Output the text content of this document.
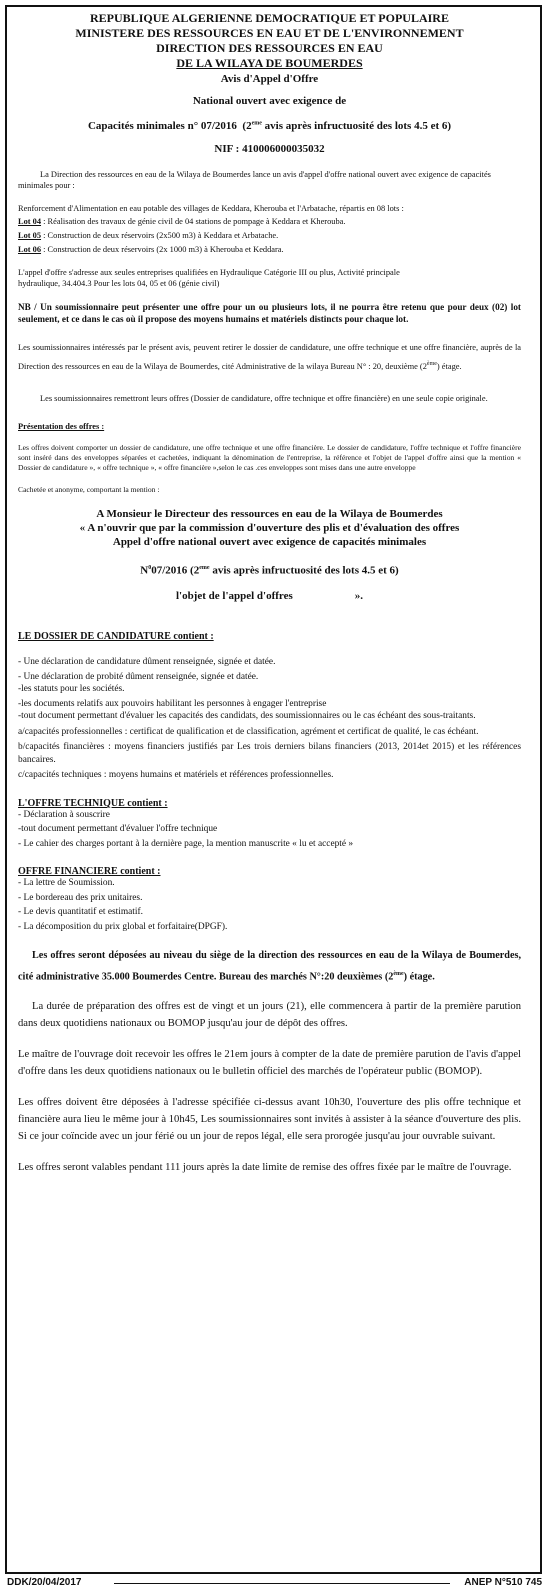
REPUBLIQUE ALGERIENNE DEMOCRATIQUE ET POPULAIRE
MINISTERE DES RESSOURCES EN EAU ET DE L'ENVIRONNEMENT
DIRECTION DES RESSOURCES EN EAU
DE LA WILAYA DE BOUMERDES
Avis d'Appel d'Offre
National ouvert avec exigence de
Capacités minimales n° 07/2016 (2eme avis après infructuosité des lots 4.5 et 6)
NIF : 410006000035032

La Direction des ressources en eau de la Wilaya de Boumerdes lance un avis d'appel d'offre national ouvert avec exigence de capacités minimales pour :

Renforcement d'Alimentation en eau potable des villages de Keddara, Kherouba et l'Arbatache, répartis en 08 lots :

Lot 04 : Réalisation des travaux de génie civil de 04 stations de pompage à Keddara et Kherouba.
Lot 05 : Construction de deux réservoirs (2x500 m3) à Keddara et Arbatache.
Lot 06 : Construction de deux réservoirs (2x 1000 m3) à Kherouba et Keddara.

L'appel d'offre s'adresse aux seules entreprises qualifiées en Hydraulique Catégorie III ou plus, Activité principale hydraulique, 34.404.3 Pour les lots 04, 05 et 06 (génie civil)

NB / Un soumissionnaire peut présenter une offre pour un ou plusieurs lots, il ne pourra être retenu que pour deux (02) lot seulement, et ce dans le cas où il propose des moyens humains et matériels distincts pour chaque lot.

Les soumissionnaires intéressés par le présent avis, peuvent retirer le dossier de candidature, une offre technique et une offre financière, auprès de la Direction des ressources en eau de la Wilaya de Boumerdes, cité Administrative de la wilaya Bureau N° : 20, deuxième (2ème) étage.

Les soumissionnaires remettront leurs offres (Dossier de candidature, offre technique et offre financière) en une seule copie originale.

Présentation des offres :

Les offres doivent comporter un dossier de candidature, une offre technique et une offre financière. Le dossier de candidature, l'offre technique et l'offre financière sont inséré dans des enveloppes séparées et cachetées, indiquant la dénomination de l'entreprise, la référence et l'objet de l'appel d'offre ainsi que la mention « Dossier de candidature », « offre technique », « offre financière »,selon le cas .ces enveloppes sont mises dans une autre enveloppe

Cachetée et anonyme, comportant la mention :

A Monsieur le Directeur des ressources en eau de la Wilaya de Boumerdes
« A n'ouvrir que par la commission d'ouverture des plis et d'évaluation des offres
Appel d'offre national ouvert avec exigence de capacités minimales
$N^007/2016$ (2eme avis après infructuosité des lots 4.5 et 6)
l'objet de l'appel d'offres	».
LE DOSSIER DE CANDIDATURE contient :
- Une déclaration de candidature dûment renseignée, signée et datée.
- Une déclaration de probité dûment renseignée, signée et datée.
-les statuts pour les sociétés.
-les documents relatifs aux pouvoirs habilitant les personnes à engager l'entreprise
-tout document permettant d'évaluer les capacités des candidats, des soumissionnaires ou le cas échéant des sous-traitants.
a/capacités professionnelles : certificat de qualification et de classification, agrément et certificat de qualité, le cas échéant.
b/capacités financières : moyens financiers justifiés par Les trois derniers bilans financiers (2013, 2014et 2015) et les références bancaires.
c/capacités techniques : moyens humains et matériels et références professionnelles.
L'OFFRE TECHNIQUE contient :
- Déclaration à souscrire
-tout document permettant d'évaluer l'offre technique
- Le cahier des charges portant à la dernière page, la mention manuscrite « lu et accepté »
OFFRE FINANCIERE contient :
- La lettre de Soumission.
- Le bordereau des prix unitaires.
- Le devis quantitatif et estimatif.
- La décomposition du prix global et forfaitaire(DPGF).

Les offres seront déposées au niveau du siège de la direction des ressources en eau de la Wilaya de Boumerdes, cité administrative 35.000 Boumerdes Centre. Bureau des marchés N°:20 deuxièmes (2ème) étage.

La durée de préparation des offres est de vingt et un jours (21), elle commencera à partir de la première parution dans deux quotidiens nationaux ou BOMOP jusqu'au jour de dépôt des offres.

Le maître de l'ouvrage doit recevoir les offres le 21em jours à compter de la date de première parution de l'avis d'appel d'offre dans les deux quotidiens nationaux ou le bulletin officiel des marchés de l'opérateur public (BOMOP).

Les offres doivent être déposées à l'adresse spécifiée ci-dessus avant 10h30, l'ouverture des plis offre technique et financière aura lieu le même jour à 10h45, Les soumissionnaires sont invités à assister à la séance d'ouverture des plis. Si ce jour coïncide avec un jour férié ou un jour de repos légal, elle sera prorogée jusqu'au jour ouvrable suivant.

Les offres seront valables pendant 111 jours après la date limite de remise des offres fixée par le maître de l'ouvrage.

DDK/20/04/2017	ANEP N°510 745
